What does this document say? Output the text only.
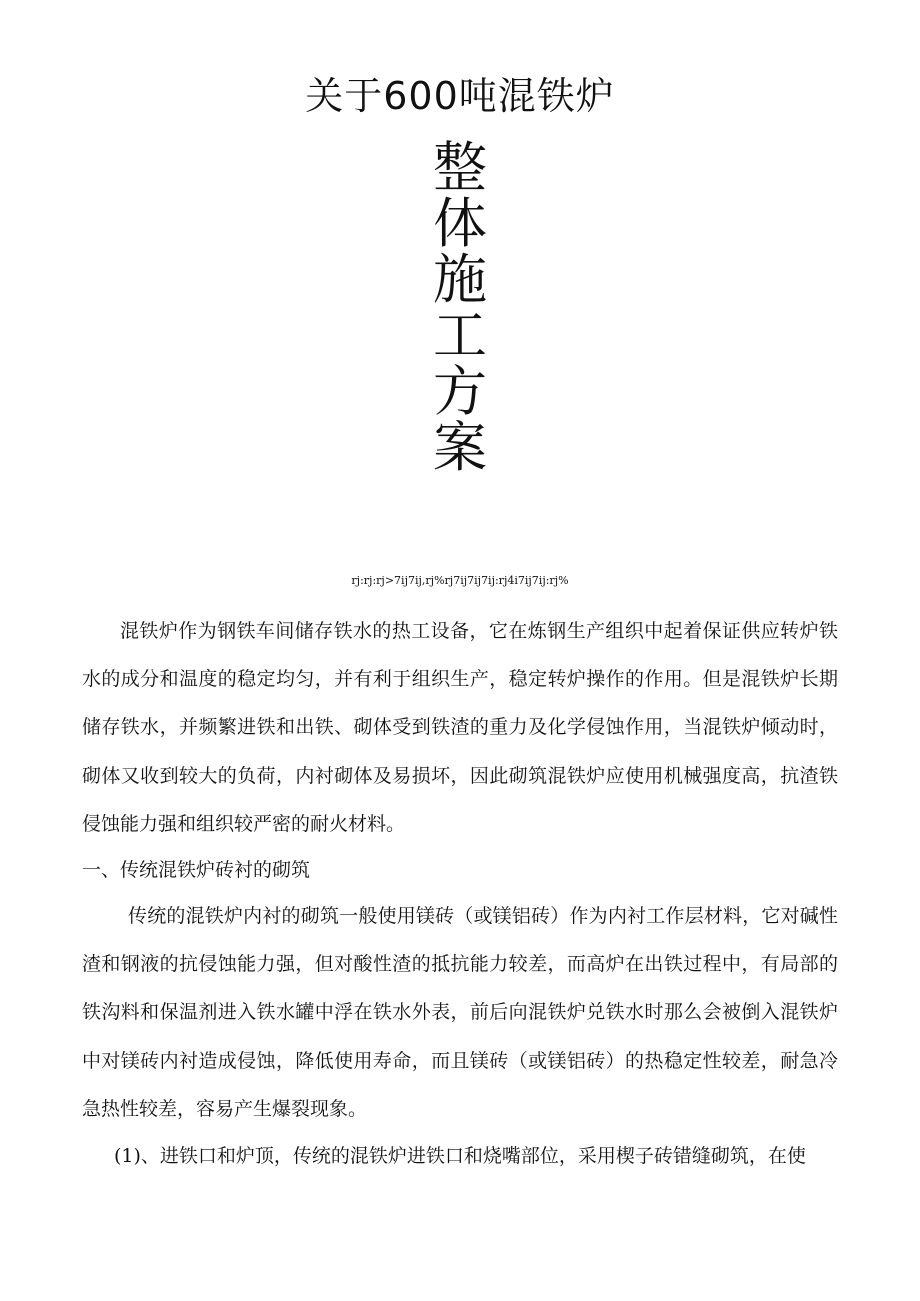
关于600吨混铁炉
整
体
施
工
方
案
rj:rj:rj>7ij7ij,rj%rj7ij7ij7ij:rj4i7ij7ij:rj%
混铁炉作为钢铁车间储存铁水的热工设备，它在炼钢生产组织中起着保证供应转炉铁水的成分和温度的稳定均匀，并有利于组织生产，稳定转炉操作的作用。但是混铁炉长期储存铁水，并频繁进铁和出铁、砌体受到铁渣的重力及化学侵蚀作用，当混铁炉倾动时，砌体又收到较大的负荷，内衬砌体及易损坏，因此砌筑混铁炉应使用机械强度高，抗渣铁侵蚀能力强和组织较严密的耐火材料。
一、传统混铁炉砖衬的砌筑
传统的混铁炉内衬的砌筑一般使用镁砖（或镁铝砖）作为内衬工作层材料，它对碱性渣和钢液的抗侵蚀能力强，但对酸性渣的抵抗能力较差，而高炉在出铁过程中，有局部的铁沟料和保温剂进入铁水罐中浮在铁水外表，前后向混铁炉兑铁水时那么会被倒入混铁炉中对镁砖内衬造成侵蚀，降低使用寿命，而且镁砖（或镁铝砖）的热稳定性较差，耐急冷急热性较差，容易产生爆裂现象。
(1)、进铁口和炉顶，传统的混铁炉进铁口和烧嘴部位，采用楔子砖错缝砌筑，在使
